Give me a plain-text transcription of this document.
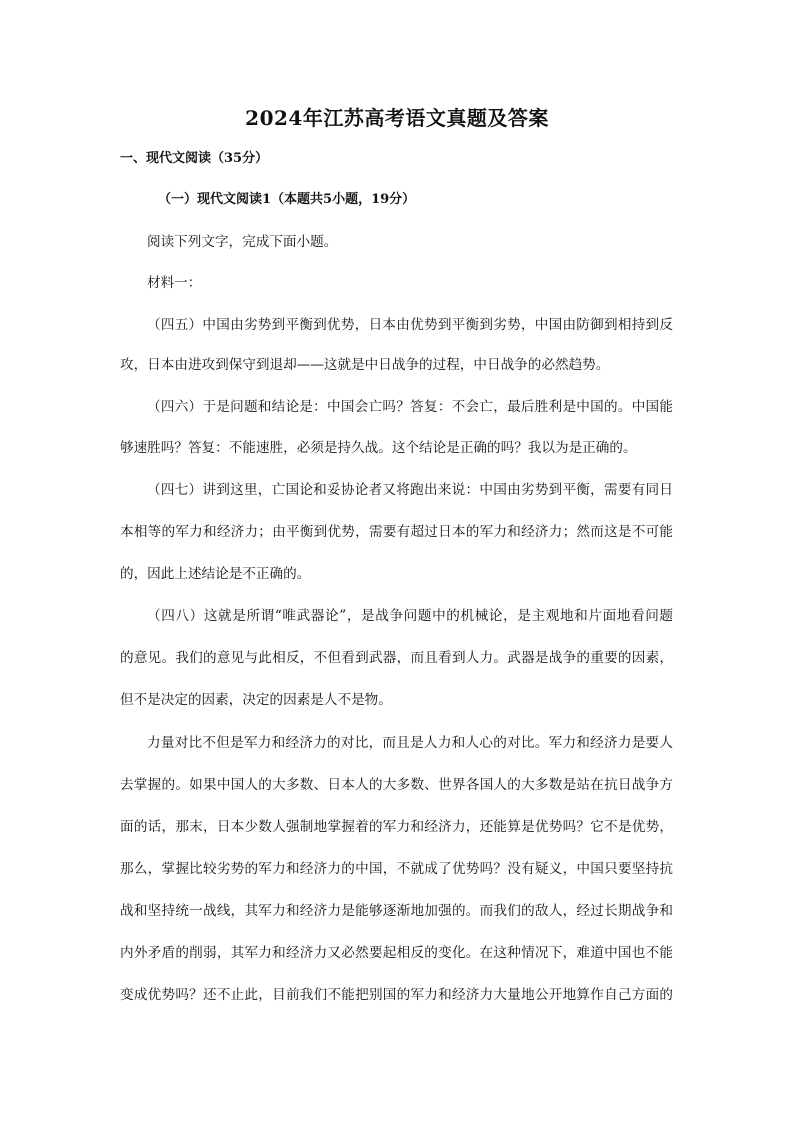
2024年江苏高考语文真题及答案
一、现代文阅读（35分）
（一）现代文阅读1（本题共5小题，19分）
阅读下列文字，完成下面小题。
材料一：
（四五）中国由劣势到平衡到优势，日本由优势到平衡到劣势，中国由防御到相持到反
攻，日本由进攻到保守到退却——这就是中日战争的过程，中日战争的必然趋势。
（四六）于是问题和结论是：中国会亡吗？答复：不会亡，最后胜利是中国的。中国能
够速胜吗？答复：不能速胜，必须是持久战。这个结论是正确的吗？我以为是正确的。
（四七）讲到这里，亡国论和妥协论者又将跑出来说：中国由劣势到平衡，需要有同日
本相等的军力和经济力；由平衡到优势，需要有超过日本的军力和经济力；然而这是不可能
的，因此上述结论是不正确的。
（四八）这就是所谓“唯武器论”，是战争问题中的机械论，是主观地和片面地看问题
的意见。我们的意见与此相反，不但看到武器，而且看到人力。武器是战争的重要的因素，
但不是决定的因素，决定的因素是人不是物。
力量对比不但是军力和经济力的对比，而且是人力和人心的对比。军力和经济力是要人
去掌握的。如果中国人的大多数、日本人的大多数、世界各国人的大多数是站在抗日战争方
面的话，那末，日本少数人强制地掌握着的军力和经济力，还能算是优势吗？它不是优势，
那么，掌握比较劣势的军力和经济力的中国，不就成了优势吗？没有疑义，中国只要坚持抗
战和坚持统一战线，其军力和经济力是能够逐渐地加强的。而我们的敌人，经过长期战争和
内外矛盾的削弱，其军力和经济力又必然要起相反的变化。在这种情况下，难道中国也不能
变成优势吗？还不止此，目前我们不能把别国的军力和经济力大量地公开地算作自己方面的
